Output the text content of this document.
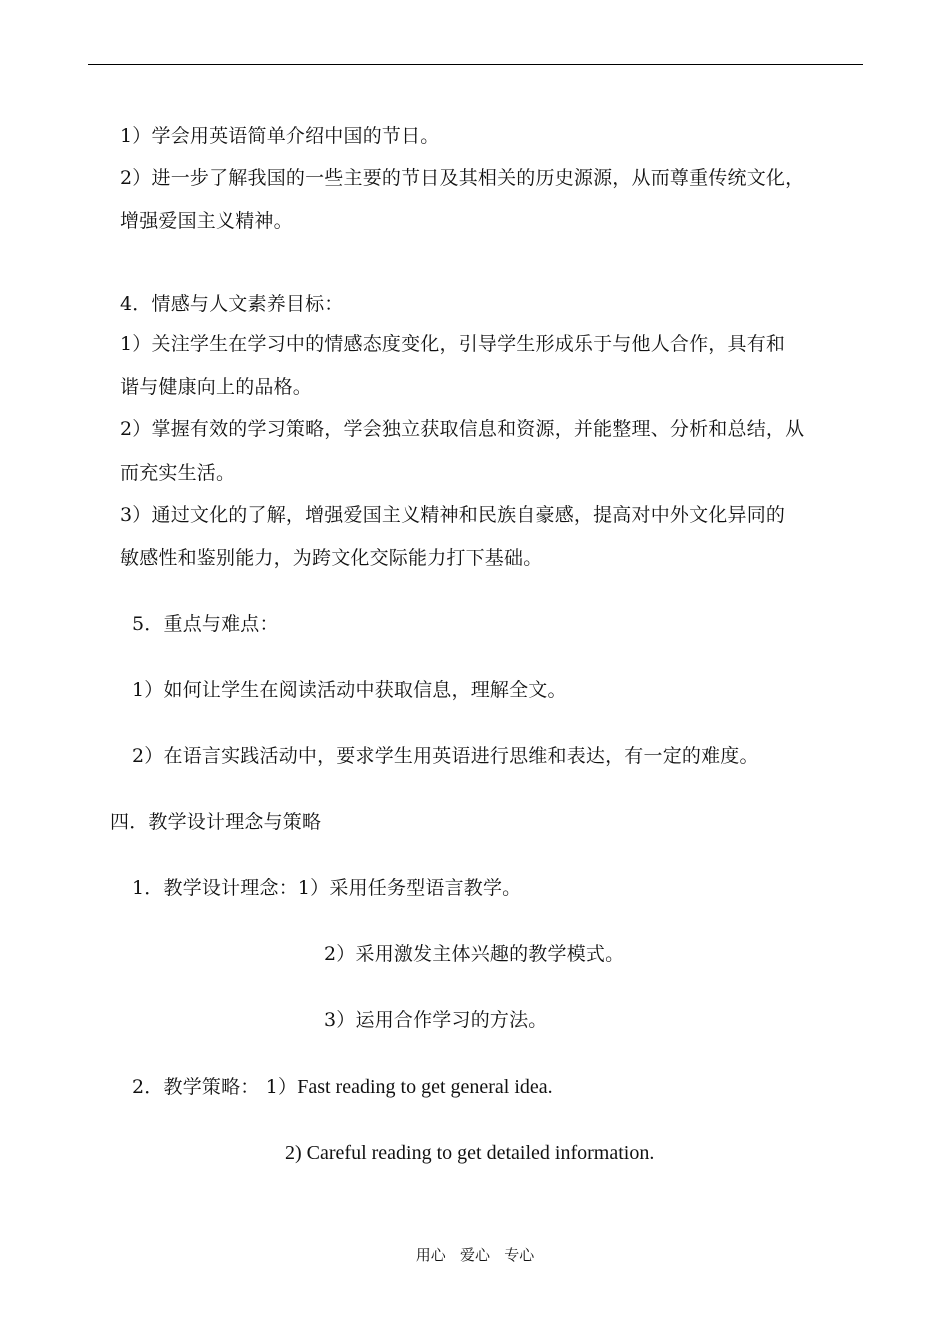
1）学会用英语简单介绍中国的节日。
2）进一步了解我国的一些主要的节日及其相关的历史源源，从而尊重传统文化，
增强爱国主义精神。
4．情感与人文素养目标：
1）关注学生在学习中的情感态度变化，引导学生形成乐于与他人合作，具有和
谐与健康向上的品格。
2）掌握有效的学习策略，学会独立获取信息和资源，并能整理、分析和总结，从
而充实生活。
3）通过文化的了解，增强爱国主义精神和民族自豪感，提高对中外文化异同的
敏感性和鉴别能力，为跨文化交际能力打下基础。
5．重点与难点：
1）如何让学生在阅读活动中获取信息，理解全文。
2）在语言实践活动中，要求学生用英语进行思维和表达，有一定的难度。
四．教学设计理念与策略
1．教学设计理念：1）采用任务型语言教学。
2）采用激发主体兴趣的教学模式。
3）运用合作学习的方法。
2．教学策略： 1）Fast reading to get general idea.
2) Careful reading to get detailed information.
用心   爱心   专心
